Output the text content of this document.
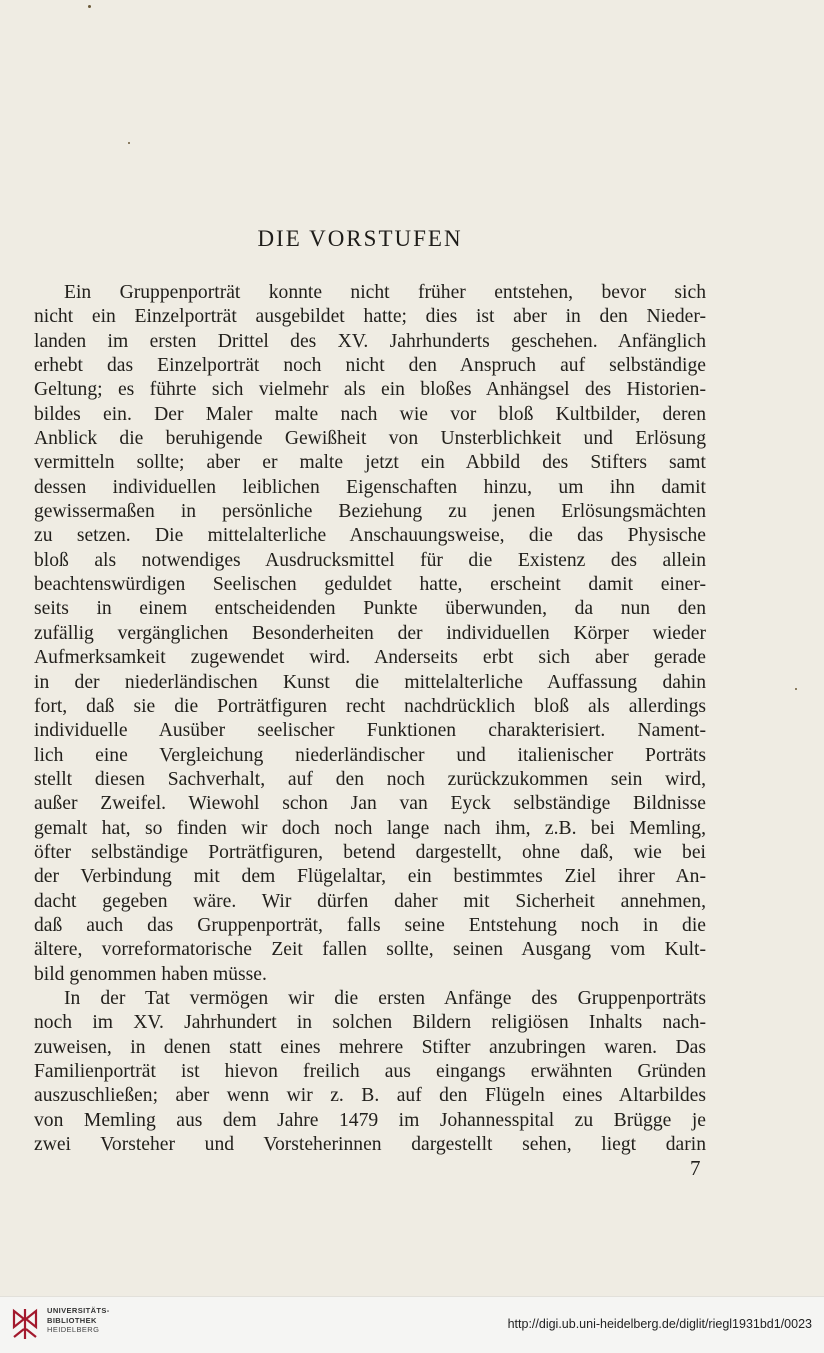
DIE VORSTUFEN
Ein Gruppenporträt konnte nicht früher entstehen, bevor sich
nicht ein Einzelporträt ausgebildet hatte; dies ist aber in den Nieder-
landen im ersten Drittel des XV. Jahrhunderts geschehen. Anfänglich
erhebt das Einzelporträt noch nicht den Anspruch auf selbständige
Geltung; es führte sich vielmehr als ein bloßes Anhängsel des Historien-
bildes ein. Der Maler malte nach wie vor bloß Kultbilder, deren
Anblick die beruhigende Gewißheit von Unsterblichkeit und Erlösung
vermitteln sollte; aber er malte jetzt ein Abbild des Stifters samt
dessen individuellen leiblichen Eigenschaften hinzu, um ihn damit
gewissermaßen in persönliche Beziehung zu jenen Erlösungsmächten
zu setzen. Die mittelalterliche Anschauungsweise, die das Physische
bloß als notwendiges Ausdrucksmittel für die Existenz des allein
beachtenswürdigen Seelischen geduldet hatte, erscheint damit einer-
seits in einem entscheidenden Punkte überwunden, da nun den
zufällig vergänglichen Besonderheiten der individuellen Körper wieder
Aufmerksamkeit zugewendet wird. Anderseits erbt sich aber gerade
in der niederländischen Kunst die mittelalterliche Auffassung dahin
fort, daß sie die Porträtfiguren recht nachdrücklich bloß als allerdings
individuelle Ausüber seelischer Funktionen charakterisiert. Nament-
lich eine Vergleichung niederländischer und italienischer Porträts
stellt diesen Sachverhalt, auf den noch zurückzukommen sein wird,
außer Zweifel. Wiewohl schon Jan van Eyck selbständige Bildnisse
gemalt hat, so finden wir doch noch lange nach ihm, z.B. bei Memling,
öfter selbständige Porträtfiguren, betend dargestellt, ohne daß, wie bei
der Verbindung mit dem Flügelaltar, ein bestimmtes Ziel ihrer An-
dacht gegeben wäre. Wir dürfen daher mit Sicherheit annehmen,
daß auch das Gruppenporträt, falls seine Entstehung noch in die
ältere, vorreformatorische Zeit fallen sollte, seinen Ausgang vom Kult-
bild genommen haben müsse.
In der Tat vermögen wir die ersten Anfänge des Gruppenporträts
noch im XV. Jahrhundert in solchen Bildern religiösen Inhalts nach-
zuweisen, in denen statt eines mehrere Stifter anzubringen waren. Das
Familienporträt ist hievon freilich aus eingangs erwähnten Gründen
auszuschließen; aber wenn wir z. B. auf den Flügeln eines Altarbildes
von Memling aus dem Jahre 1479 im Johannesspital zu Brügge je
zwei Vorsteher und Vorsteherinnen dargestellt sehen, liegt darin
7
UNIVERSITÄTS-
BIBLIOTHEK
HEIDELBERG	http://digi.ub.uni-heidelberg.de/diglit/riegl1931bd1/0023
